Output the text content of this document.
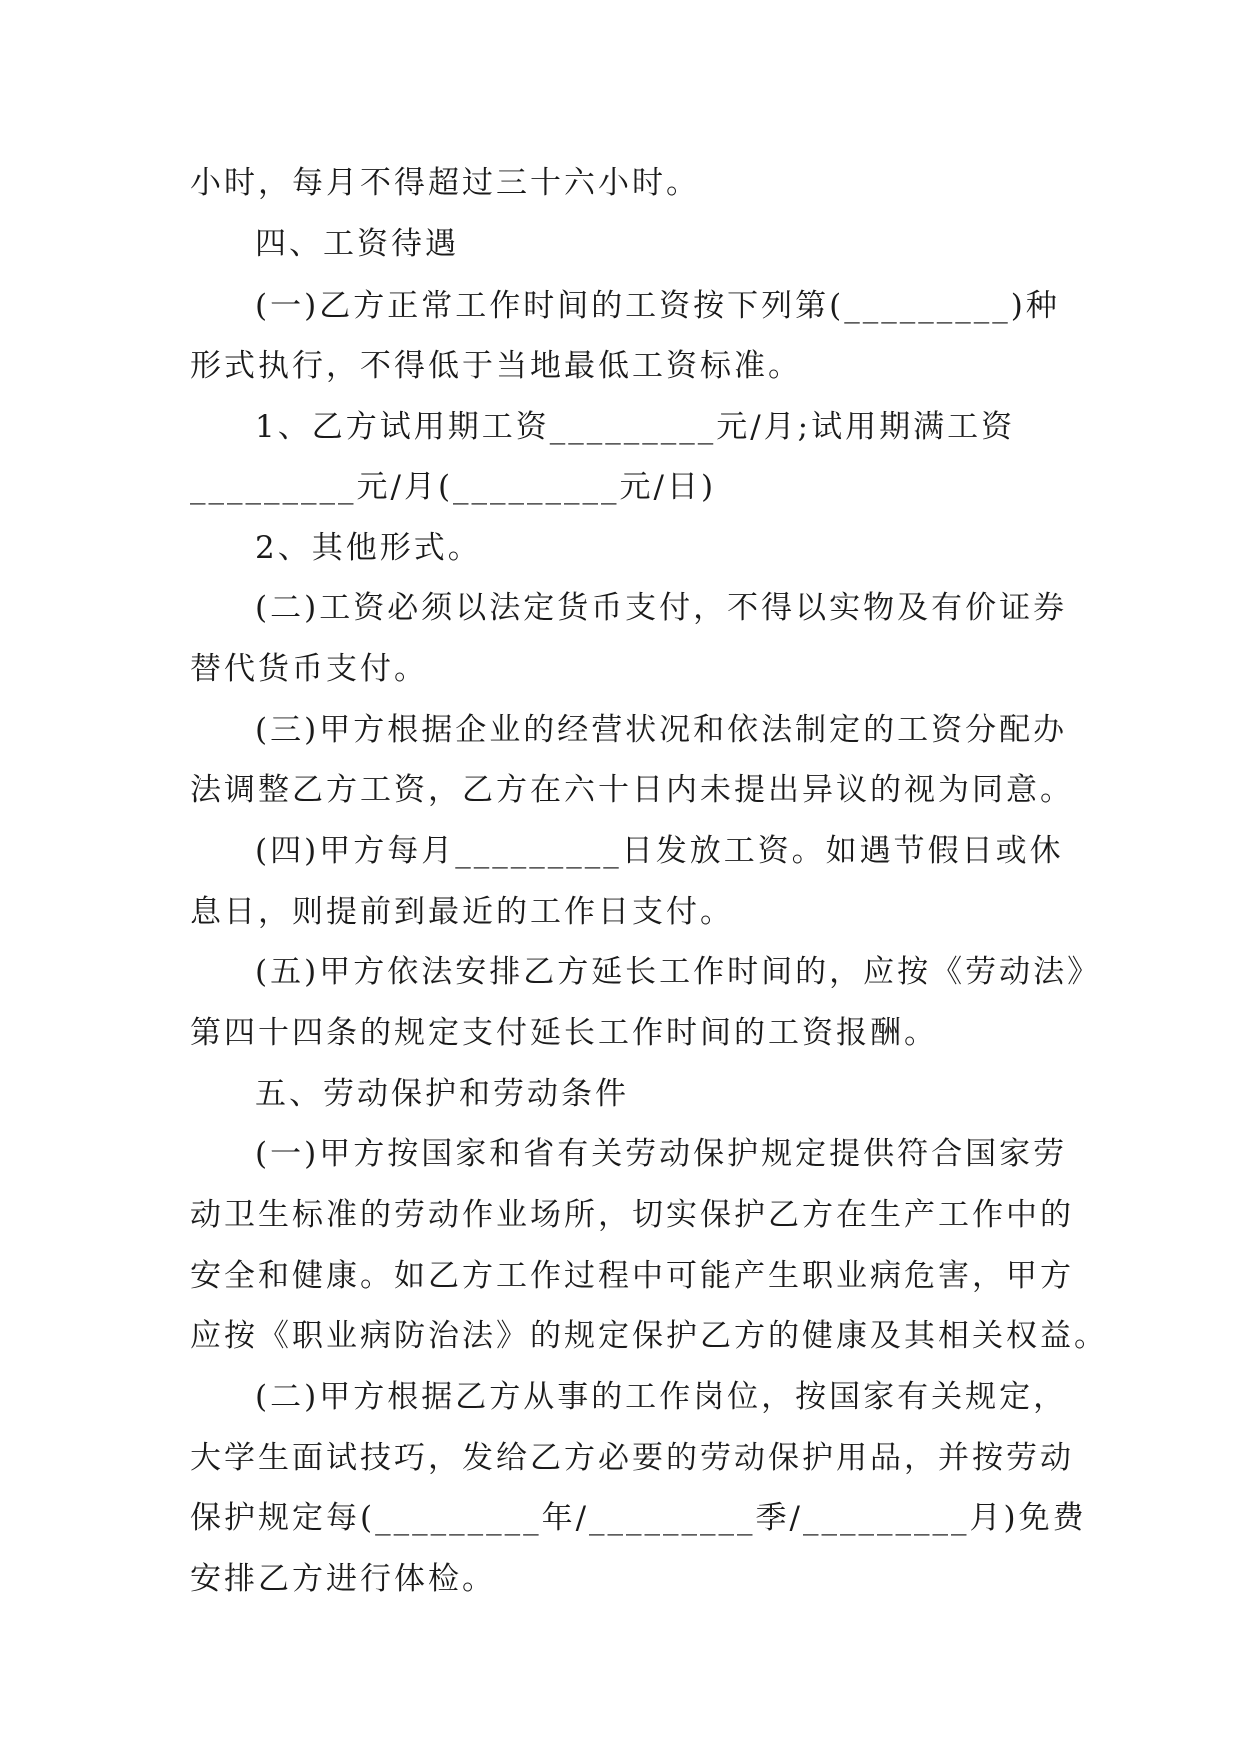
小时，每月不得超过三十六小时。
四、工资待遇
(一)乙方正常工作时间的工资按下列第(_________)种
形式执行，不得低于当地最低工资标准。
1、乙方试用期工资_________元/月;试用期满工资
_________元/月(_________元/日)
2、其他形式。
(二)工资必须以法定货币支付，不得以实物及有价证券
替代货币支付。
(三)甲方根据企业的经营状况和依法制定的工资分配办
法调整乙方工资，乙方在六十日内未提出异议的视为同意。
(四)甲方每月_________日发放工资。如遇节假日或休
息日，则提前到最近的工作日支付。
(五)甲方依法安排乙方延长工作时间的，应按《劳动法》
第四十四条的规定支付延长工作时间的工资报酬。
五、劳动保护和劳动条件
(一)甲方按国家和省有关劳动保护规定提供符合国家劳
动卫生标准的劳动作业场所，切实保护乙方在生产工作中的
安全和健康。如乙方工作过程中可能产生职业病危害，甲方
应按《职业病防治法》的规定保护乙方的健康及其相关权益。
(二)甲方根据乙方从事的工作岗位，按国家有关规定，
大学生面试技巧，发给乙方必要的劳动保护用品，并按劳动
保护规定每(_________年/_________季/_________月)免费
安排乙方进行体检。
